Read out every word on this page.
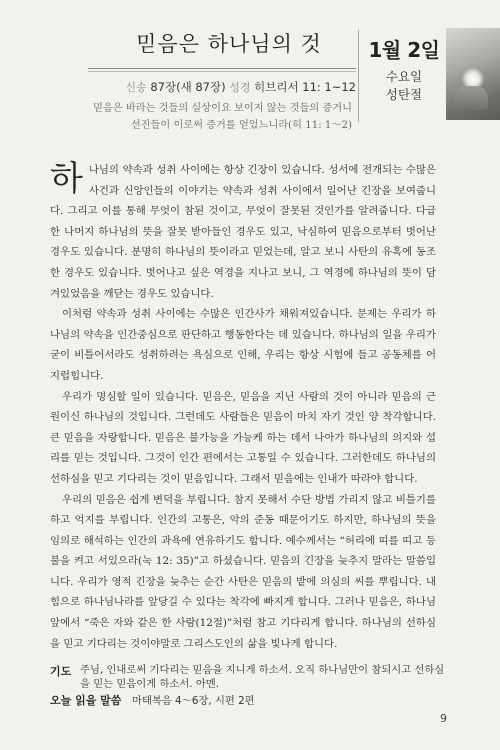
믿음은 하나님의 것	1월 2일
수요일
성탄절
신송 87장(새 87장) 성경 히브리서 11: 1~12
믿음은 바라는 것들의 실상이요 보이지 않는 것들의 증거니
선진들이 이로써 증거를 얻었느니라(히 11: 1～2)

하나님의 약속과 성취 사이에는 항상 긴장이 있습니다. 성서에 전개되는 수많은 사건과 신앙인들의 이야기는 약속과 성취 사이에서 일어난 긴장을 보여줍니다. 그리고 이를 통해 무엇이 참된 것이고, 무엇이 잘못된 것인가를 알려줍니다. 다급한 나머지 하나님의 뜻을 잘못 받아들인 경우도 있고, 낙심하여 믿음으로부터 벗어난 경우도 있습니다. 분명히 하나님의 뜻이라고 믿었는데, 알고 보니 사탄의 유혹에 동조한 경우도 있습니다. 벗어나고 싶은 역경을 지나고 보니, 그 역경에 하나님의 뜻이 담겨있었음을 깨닫는 경우도 있습니다.

이처럼 약속과 성취 사이에는 수많은 인간사가 채워져있습니다. 문제는 우리가 하나님의 약속을 인간중심으로 판단하고 행동한다는 데 있습니다. 하나님의 일을 우리가 굳이 비틀어서라도 성취하려는 욕심으로 인해, 우리는 항상 시험에 들고 공동체를 어지럽힙니다.

우리가 명심할 일이 있습니다. 믿음은, 믿음을 지닌 사람의 것이 아니라 믿음의 근원이신 하나님의 것입니다. 그런데도 사람들은 믿음이 마치 자기 것인 양 착각합니다. 큰 믿음을 자랑합니다. 믿음은 불가능을 가능케 하는 데서 나아가 하나님의 의지와 섭리를 믿는 것입니다. 그것이 인간 편에서는 고통일 수 있습니다. 그러한데도 하나님의 선하심을 믿고 기다리는 것이 믿음입니다. 그래서 믿음에는 인내가 따라야 합니다.

우리의 믿음은 쉽게 변덕을 부립니다. 참지 못해서 수단 방법 가리지 않고 비틀기를 하고 억지를 부립니다. 인간의 고통은, 악의 준동 때문이기도 하지만, 하나님의 뜻을 임의로 해석하는 인간의 과욕에 연유하기도 합니다. 예수께서는 “허리에 띠를 띠고 등불을 켜고 서있으라(눅 12: 35)”고 하셨습니다. 믿음의 긴장을 늦추지 말라는 말씀입니다. 우리가 영적 긴장을 늦추는 순간 사탄은 믿음의 밭에 의심의 씨를 뿌립니다. 내 힘으로 하나님나라를 앞당길 수 있다는 착각에 빠지게 합니다. 그러나 믿음은, 하나님 앞에서 “죽은 자와 같은 한 사람(12절)”처럼 참고 기다리게 합니다. 하나님의 선하심을 믿고 기다리는 것이야말로 그리스도인의 삶을 빛나게 합니다.

기도 주님, 인내로써 기다리는 믿음을 지니게 하소서. 오직 하나님만이 참되시고 선하심을 믿는 믿음이게 하소서. 아멘.
오늘 읽을 말씀 마태복음 4～6장, 시편 2편
9
